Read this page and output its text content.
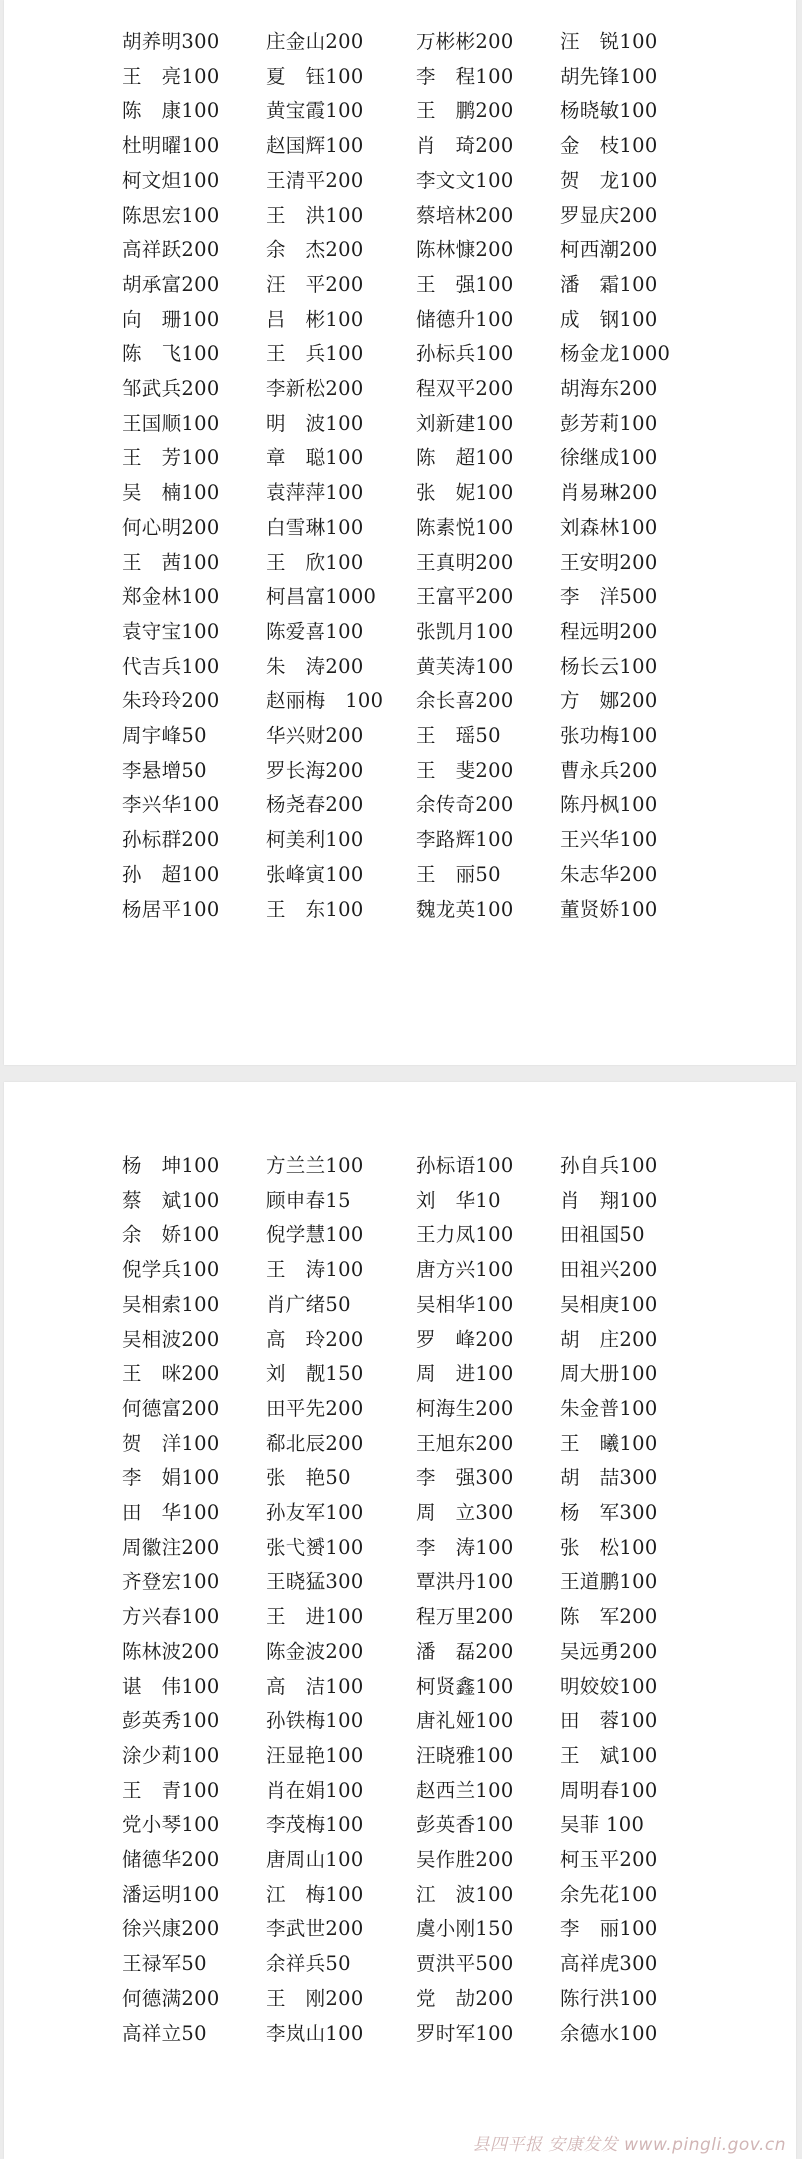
胡养明300 庄金山200	万彬彬200 汪　锐100
王　亮100 夏　钰100	李　程100 胡先锋100
陈　康100 黄宝霞100	王　鹏200 杨晓敏100
杜明曜100 赵国辉100	肖　琦200 金　枝100
柯文炟100 王清平200	李文文100 贺　龙100
陈思宏100 王　洪100	蔡培林200 罗显庆200
高祥跃200 余　杰200	陈林慷200 柯西潮200
胡承富200 汪　平200	王　强100 潘　霜100
向　珊100 吕　彬100	储德升100 成　钢100
陈　飞100 王　兵100	孙标兵100 杨金龙1000
邹武兵200 李新松200	程双平200 胡海东200
王国顺100 明　波100	刘新建100 彭芳莉100
王　芳100 章　聪100	陈　超100 徐继成100
吴　楠100 袁萍萍100	张　妮100 肖易琳200
何心明200 白雪琳100	陈素悦100 刘森林100
王　茜100 王　欣100	王真明200 王安明200
郑金林100 柯昌富1000 王富平200 李　洋500
袁守宝100 陈爱喜100	张凯月100 程远明200
代吉兵100 朱　涛200	黄芙涛100 杨长云100
朱玲玲200 赵丽梅　100 余长喜200 方　娜200
周宇峰50	华兴财200	王　瑶50	张功梅100
李悬增50	罗长海200	王　斐200 曹永兵200
李兴华100 杨尧春200	余传奇200 陈丹枫100
孙标群200 柯美利100	李路辉100 王兴华100
孙　超100 张峰寅100	王　丽50	朱志华200
杨居平100 王　东100	魏龙英100 董贤娇100
杨　坤100 方兰兰100	孙标语100 孙自兵100
蔡　斌100 顾申春15	刘　华10	肖　翔100
余　娇100 倪学慧100	王力凤100 田祖国50
倪学兵100 王　涛100	唐方兴100 田祖兴200
吴相索100 肖广绪50	吴相华100 吴相庚100
吴相波200 高　玲200	罗　峰200 胡　庄200
王　咪200 刘　靓150	周　进100 周大册100
何德富200 田平先200	柯海生200 朱金普100
贺　洋100 郗北辰200	王旭东200 王　曦100
李　娟100 张　艳50	李　强300 胡　喆300
田　华100 孙友军100	周　立300 杨　军300
周徽注200 张弋赟100	李　涛100 张　松100
齐登宏100 王晓猛300	覃洪丹100 王道鹏100
方兴春100 王　进100	程万里200 陈　军200
陈林波200 陈金波200	潘　磊200 吴远勇200
谌　伟100 高　洁100	柯贤鑫100 明姣姣100
彭英秀100 孙铁梅100	唐礼娅100 田　蓉100
涂少莉100 汪显艳100	汪晓雅100 王　斌100
王　青100 肖在娟100	赵西兰100 周明春100
党小琴100 李茂梅100	彭英香100 吴菲 100
储德华200 唐周山100	吴作胜200 柯玉平200
潘运明100 江　梅100	江　波100 余先花100
徐兴康200 李武世200	虞小刚150 李　丽100
王禄军50	余祥兵50	贾洪平500 高祥虎300
何德满200 王　刚200	党　劼200 陈行洪100
高祥立50	李岚山100	罗时军100 余德水100
县四平报 安康发发 www.pingli.gov.cn
